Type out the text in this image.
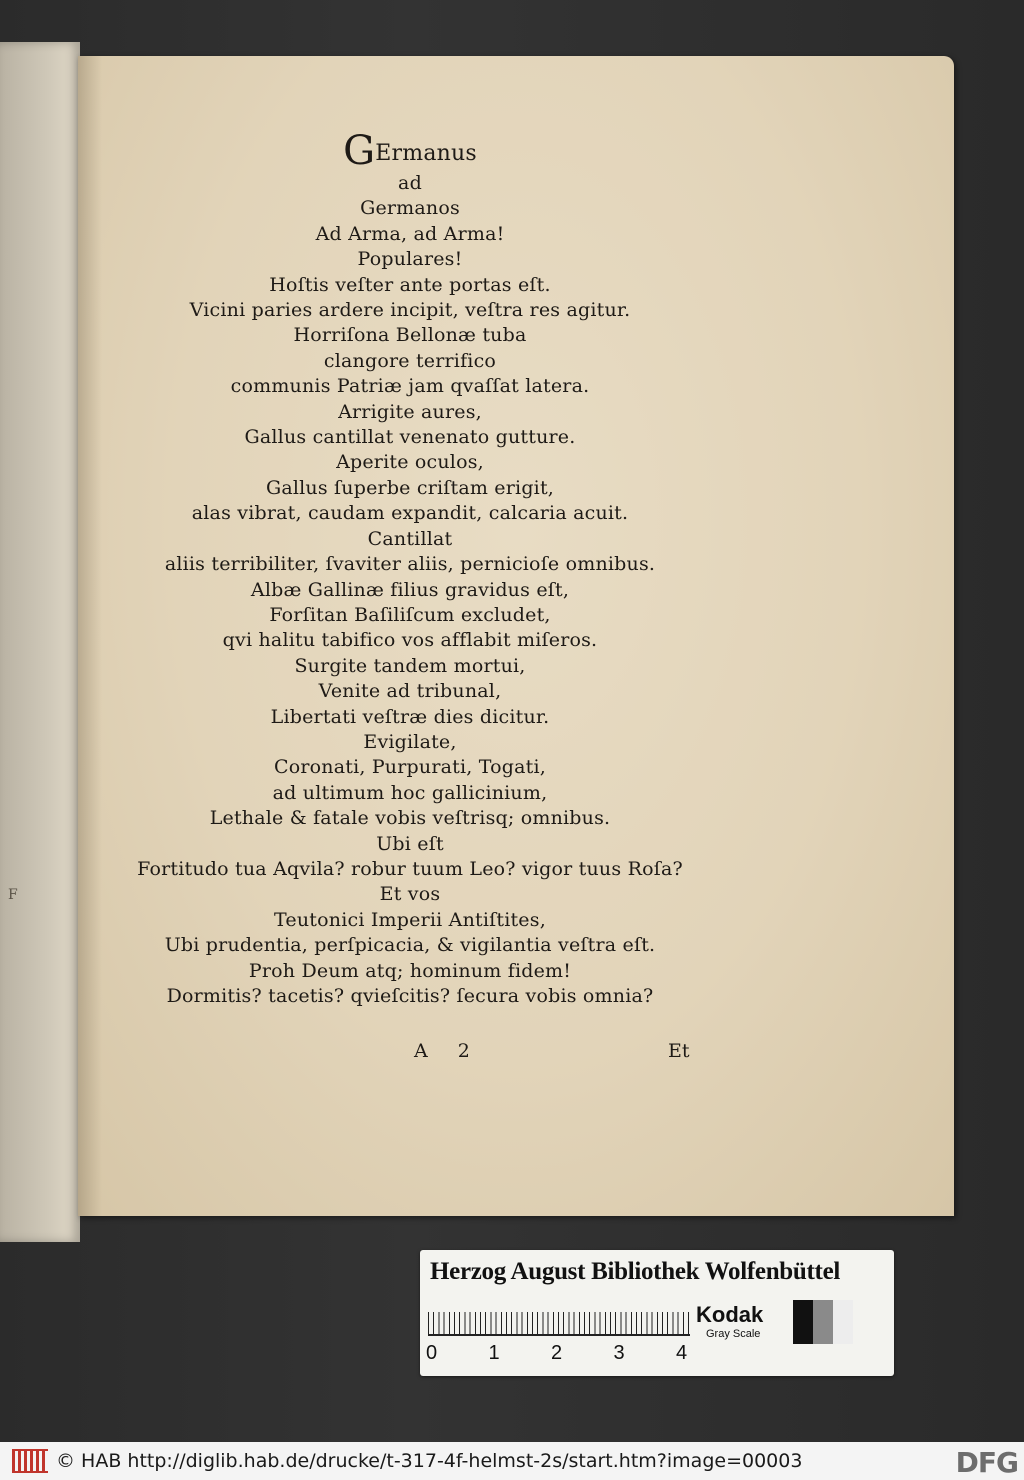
F
GErmanus
ad
Germanos
Ad Arma, ad Arma!
Populares!
Hoſtis veſter ante portas eſt.
Vicini paries ardere incipit, veſtra res agitur.
Horriſona Bellonæ tuba
clangore terrifico
communis Patriæ jam qvaſſat latera.
Arrigite aures,
Gallus cantillat venenato gutture.
Aperite oculos,
Gallus ſuperbe criſtam erigit,
alas vibrat, caudam expandit, calcaria acuit.
Cantillat
aliis terribiliter, ſvaviter aliis, pernicioſe omnibus.
Albæ Gallinæ filius gravidus eſt,
Forſitan Baſiliſcum excludet,
qvi halitu tabifico vos afflabit miſeros.
Surgite tandem mortui,
Venite ad tribunal,
Libertati veſtræ dies dicitur.
Evigilate,
Coronati, Purpurati, Togati,
ad ultimum hoc gallicinium,
Lethale & fatale vobis veſtrisq; omnibus.
Ubi eſt
Fortitudo tua Aqvila? robur tuum Leo? vigor tuus Roſa?
Et vos
Teutonici Imperii Antiſtites,
Ubi prudentia, perſpicacia, & vigilantia veſtra eſt.
Proh Deum atq; hominum fidem!
Dormitis? tacetis? qvieſcitis? ſecura vobis omnia?
A 2	Et
Herzog August Bibliothek Wolfenbüttel
0	1	2	3	4
Kodak
Gray Scale
© HAB http://diglib.hab.de/drucke/t-317-4f-helmst-2s/start.htm?image=00003	DFG
